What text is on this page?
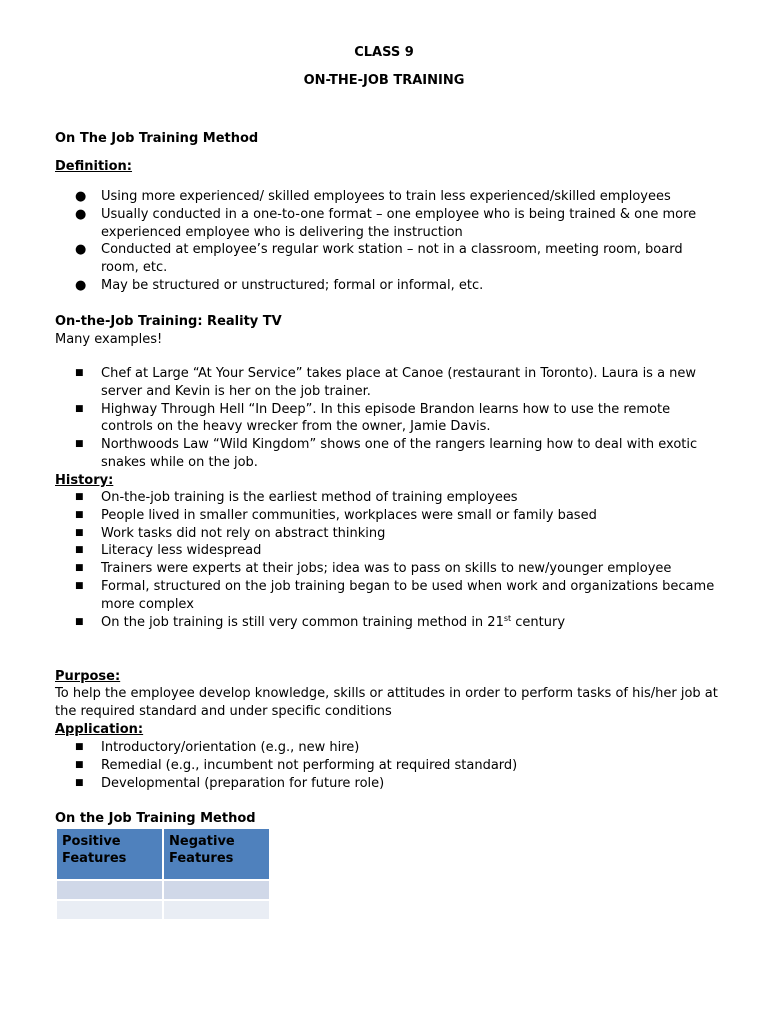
CLASS 9

ON-THE-JOB TRAINING

On The Job Training Method

Definition:

● Using more experienced/ skilled employees to train less experienced/skilled employees
● Usually conducted in a one-to-one format – one employee who is being trained & one more experienced employee who is delivering the instruction
● Conducted at employee’s regular work station – not in a classroom, meeting room, board room, etc.
● May be structured or unstructured; formal or informal, etc.

On-the-Job Training: Reality TV

Many examples!

■ Chef at Large “At Your Service” takes place at Canoe (restaurant in Toronto). Laura is a new server and Kevin is her on the job trainer.
■ Highway Through Hell “In Deep”. In this episode Brandon learns how to use the remote controls on the heavy wrecker from the owner, Jamie Davis.
■ Northwoods Law “Wild Kingdom” shows one of the rangers learning how to deal with exotic snakes while on the job.

History:

■ On-the-job training is the earliest method of training employees
■ People lived in smaller communities, workplaces were small or family based
■ Work tasks did not rely on abstract thinking
■ Literacy less widespread
■ Trainers were experts at their jobs; idea was to pass on skills to new/younger employee
■ Formal, structured on the job training began to be used when work and organizations became more complex
■ On the job training is still very common training method in 21st century

Purpose:

To help the employee develop knowledge, skills or attitudes in order to perform tasks of his/her job at the required standard and under specific conditions

Application:

■ Introductory/orientation (e.g., new hire)
■ Remedial (e.g., incumbent not performing at required standard)
■ Developmental (preparation for future role)

On the Job Training Method

Positive Features	Negative Features
